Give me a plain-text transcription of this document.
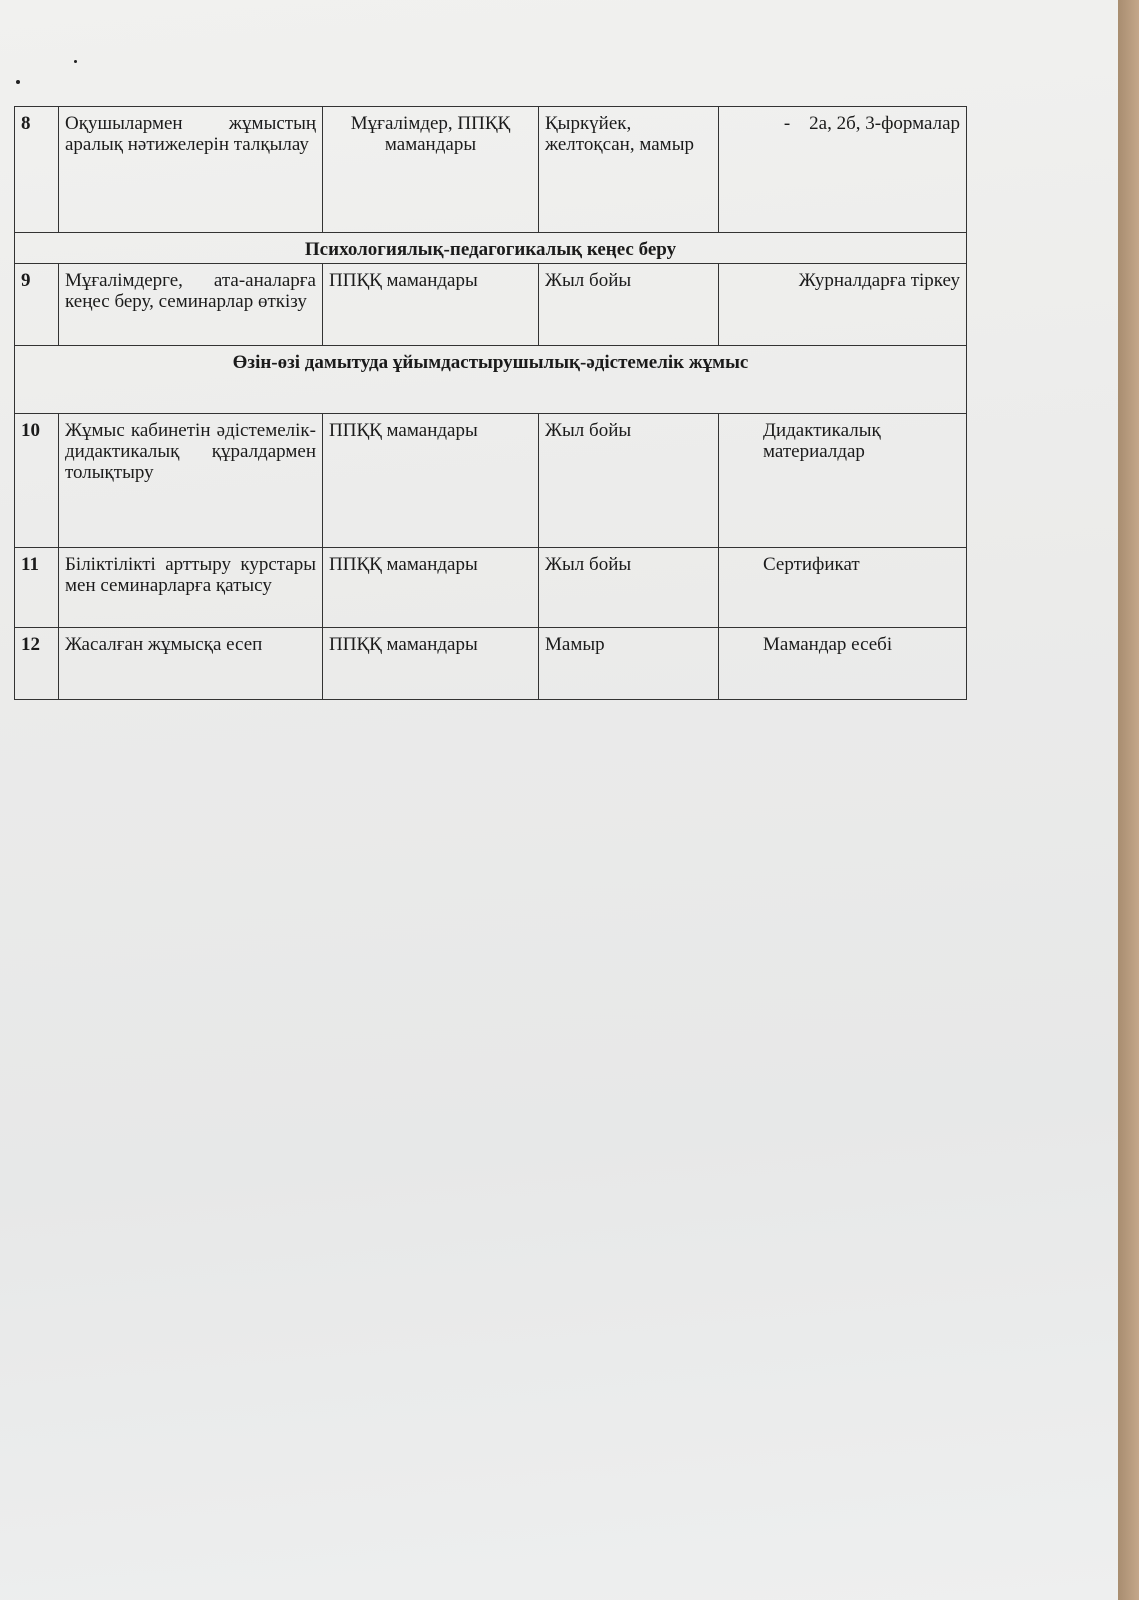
8	Оқушылармен жұмыстың аралық нәтижелерін талқылау	Мұғалімдер, ППҚҚ мамандары	Қыркүйек, желтоқсан, мамыр	-    2а, 2б, 3-формалар
Психологиялық-педагогикалық кеңес беру				
9	Мұғалімдерге, ата-аналарға кеңес беру, семинарлар өткізу	ППҚҚ мамандары	Жыл бойы	Журналдарға тіркеу
Өзін-өзі дамытуда ұйымдастырушылық-әдістемелік жұмыс				
10	Жұмыс кабинетін әдістемелік-дидактикалық құралдармен толықтыру	ППҚҚ мамандары	Жыл бойы	Дидактикалық материалдар
11	Біліктілікті арттыру курстары мен семинарларға қатысу	ППҚҚ мамандары	Жыл бойы	Сертификат
12	Жасалған жұмысқа есеп	ППҚҚ мамандары	Мамыр	Мамандар есебі
